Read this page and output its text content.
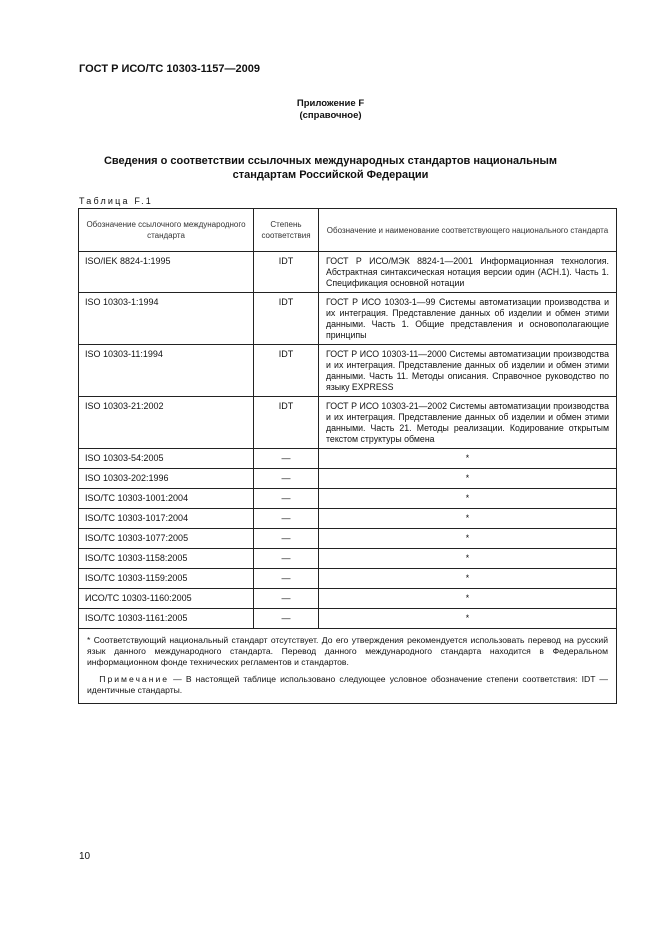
ГОСТ Р ИСО/ТС 10303-1157—2009
Приложение F
(справочное)
Сведения о соответствии ссылочных международных стандартов национальным стандартам Российской Федерации
Таблица F.1
Обозначение ссылочного международного стандарта	Степень соответствия	Обозначение и наименование соответствующего национального стандарта
ISO/IEK 8824-1:1995	IDT	ГОСТ Р ИСО/МЭК 8824-1—2001 Информационная технология. Абстрактная синтаксическая нотация версии один (АСН.1). Часть 1. Спецификация основной нотации
ISO 10303-1:1994	IDT	ГОСТ Р ИСО 10303-1—99 Системы автоматизации производства и их интеграция. Представление данных об изделии и обмен этими данными. Часть 1. Общие представления и основополагающие принципы
ISO 10303-11:1994	IDT	ГОСТ Р ИСО 10303-11—2000 Системы автоматизации производства и их интеграция. Представление данных об изделии и обмен этими данными. Часть 11. Методы описания. Справочное руководство по языку EXPRESS
ISO 10303-21:2002	IDT	ГОСТ Р ИСО 10303-21—2002 Системы автоматизации производства и их интеграция. Представление данных об изделии и обмен этими данными. Часть 21. Методы реализации. Кодирование открытым текстом структуры обмена
ISO 10303-54:2005	—	*
ISO 10303-202:1996	—	*
ISO/TC 10303-1001:2004	—	*
ISO/TC 10303-1017:2004	—	*
ISO/TC 10303-1077:2005	—	*
ISO/TC 10303-1158:2005	—	*
ISO/TC 10303-1159:2005	—	*
ИСО/ТС 10303-1160:2005	—	*
ISO/TC 10303-1161:2005	—	*

* Соответствующий национальный стандарт отсутствует. До его утверждения рекомендуется использовать перевод на русский язык данного международного стандарта. Перевод данного международного стандарта находится в Федеральном информационном фонде технических регламентов и стандартов.

Примечание — В настоящей таблице использовано следующее условное обозначение степени соответствия: IDT — идентичные стандарты.		

10
